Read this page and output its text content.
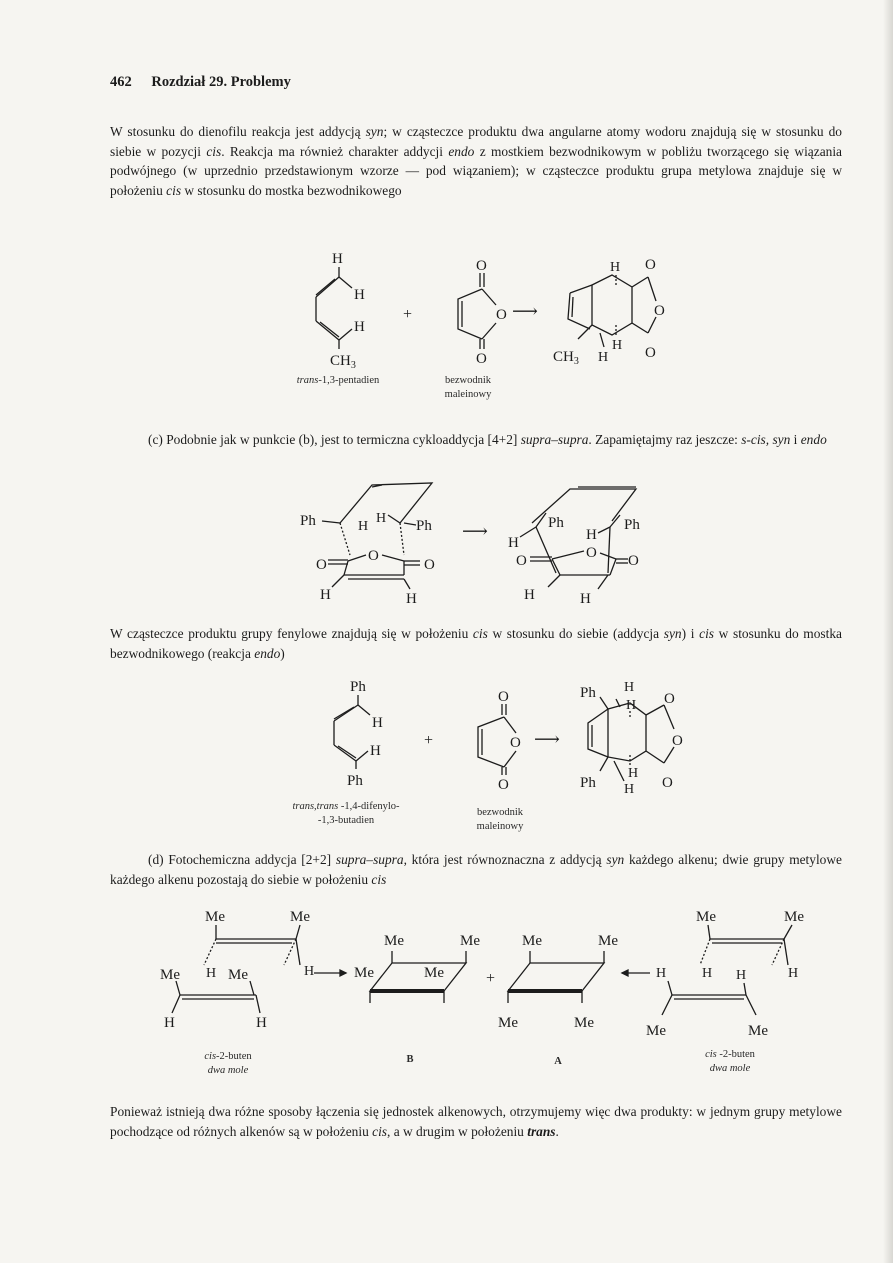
462 Rozdział 29. Problemy
W stosunku do dienofilu reakcja jest addycją syn; w cząsteczce produktu dwa angularne atomy wodoru znajdują się w stosunku do siebie w pozycji cis. Reakcja ma również charakter addycji endo z mostkiem bezwodnikowym w pobliżu tworzącego się wiązania podwójnego (w uprzednio przedstawionym wzorze — pod wiązaniem); w cząsteczce produktu grupa metylowa znajduje się w położeniu cis w stosunku do mostka bezwodnikowego
H
H
H
$CH_3$
+
O
O
O
⟶
H O
O
O
H
$CH_3$ H
trans-1,3-pentadien	bezwodnik
maleinowy
(c) Podobnie jak w punkcie (b), jest to termiczna cykloaddycja [4+2] supra–supra. Zapamiętajmy raz jeszcze: s-cis, syn i endo
Ph	H
H Ph
O
O
O
H	H
⟶
H
Ph
H
Ph
O	O O
H	H
W cząsteczce produktu grupy fenylowe znajdują się w położeniu cis w stosunku do siebie (addycja syn) i cis w stosunku do mostka bezwodnikowego (reakcja endo)
Ph
H
H
Ph
+
O
O
O
⟶
Ph H
H O
O
O
H
Ph H
trans,trans -1,4-difenylo-
-1,3-butadien
bezwodnik
maleinowy
(d) Fotochemiczna addycja [2+2] supra–supra, która jest równoznaczna z addycją syn każdego alkenu; dwie grupy metylowe każdego alkenu pozostają do siebie w położeniu cis
Me	Me
H
Me H Me
H	H
Me	Me
Me	Me	+
Me	Me
Me	Me
Me	Me
H	H H	H
Me	Me
cis-2-buten
dwa mole
B	A
cis -2-buten
dwa mole
Ponieważ istnieją dwa różne sposoby łączenia się jednostek alkenowych, otrzymujemy więc dwa produkty: w jednym grupy metylowe pochodzące od różnych alkenów są w położeniu cis, a w drugim w położeniu trans.
